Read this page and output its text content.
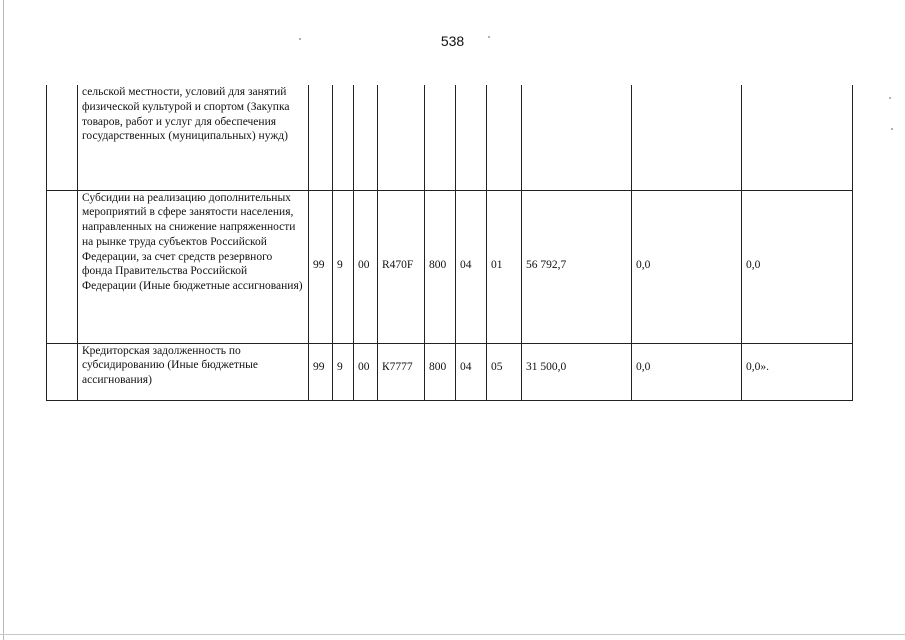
538
	сельской местности, условий для занятий физической культурой и спортом (Закупка товаров, работ и услуг для обеспечения государственных (муниципальных) нужд)										
	Субсидии на реализацию дополнительных мероприятий в сфере занятости населения, направленных на снижение напряженности на рынке труда субъектов Российской Федерации, за счет средств резервного фонда Правительства Российской Федерации (Иные бюджетные ассигнования)	99	9	00	R470F	800	04	01	56 792,7	0,0	0,0
	Кредиторская задолженность по субсидированию (Иные бюджетные ассигнования)	99	9	00	К7777	800	04	05	31 500,0	0,0	0,0».
